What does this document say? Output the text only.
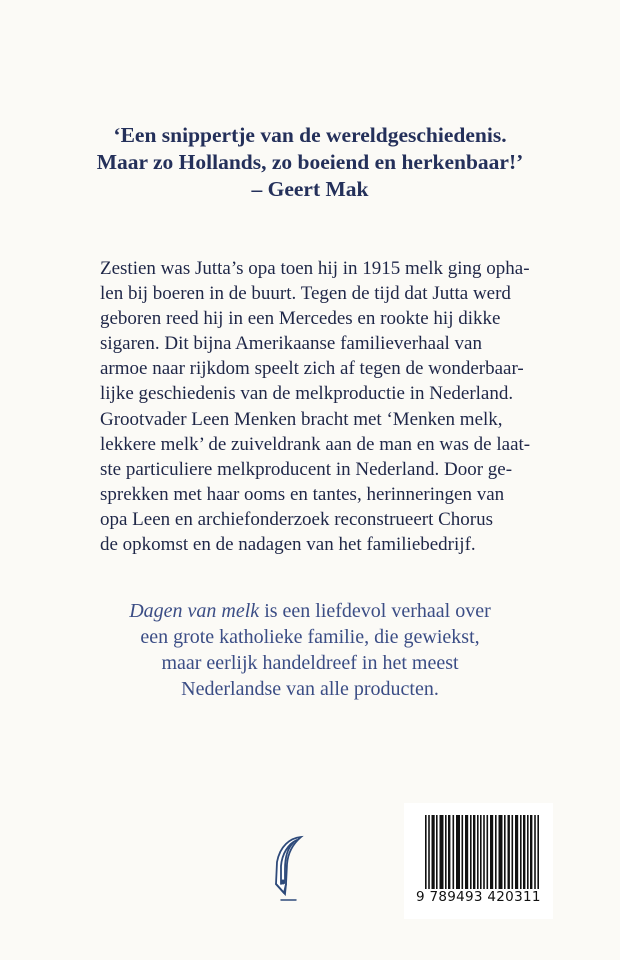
‘Een snippertje van de wereldgeschiedenis.
Maar zo Hollands, zo boeiend en herkenbaar!’
– Geert Mak
Zestien was Jutta’s opa toen hij in 1915 melk ging opha-
len bij boeren in de buurt. Tegen de tijd dat Jutta werd
geboren reed hij in een Mercedes en rookte hij dikke
sigaren. Dit bijna Amerikaanse familieverhaal van
armoe naar rijkdom speelt zich af tegen de wonderbaar-
lijke geschiedenis van de melkproductie in Nederland.
Grootvader Leen Menken bracht met ‘Menken melk,
lekkere melk’ de zuiveldrank aan de man en was de laat-
ste particuliere melkproducent in Nederland. Door ge-
sprekken met haar ooms en tantes, herinneringen van
opa Leen en archiefonderzoek reconstrueert Chorus
de opkomst en de nadagen van het familiebedrijf.
Dagen van melk is een liefdevol verhaal over
een grote katholieke familie, die gewiekst,
maar eerlijk handeldreef in het meest
Nederlandse van alle producten.
9 789493 420311
